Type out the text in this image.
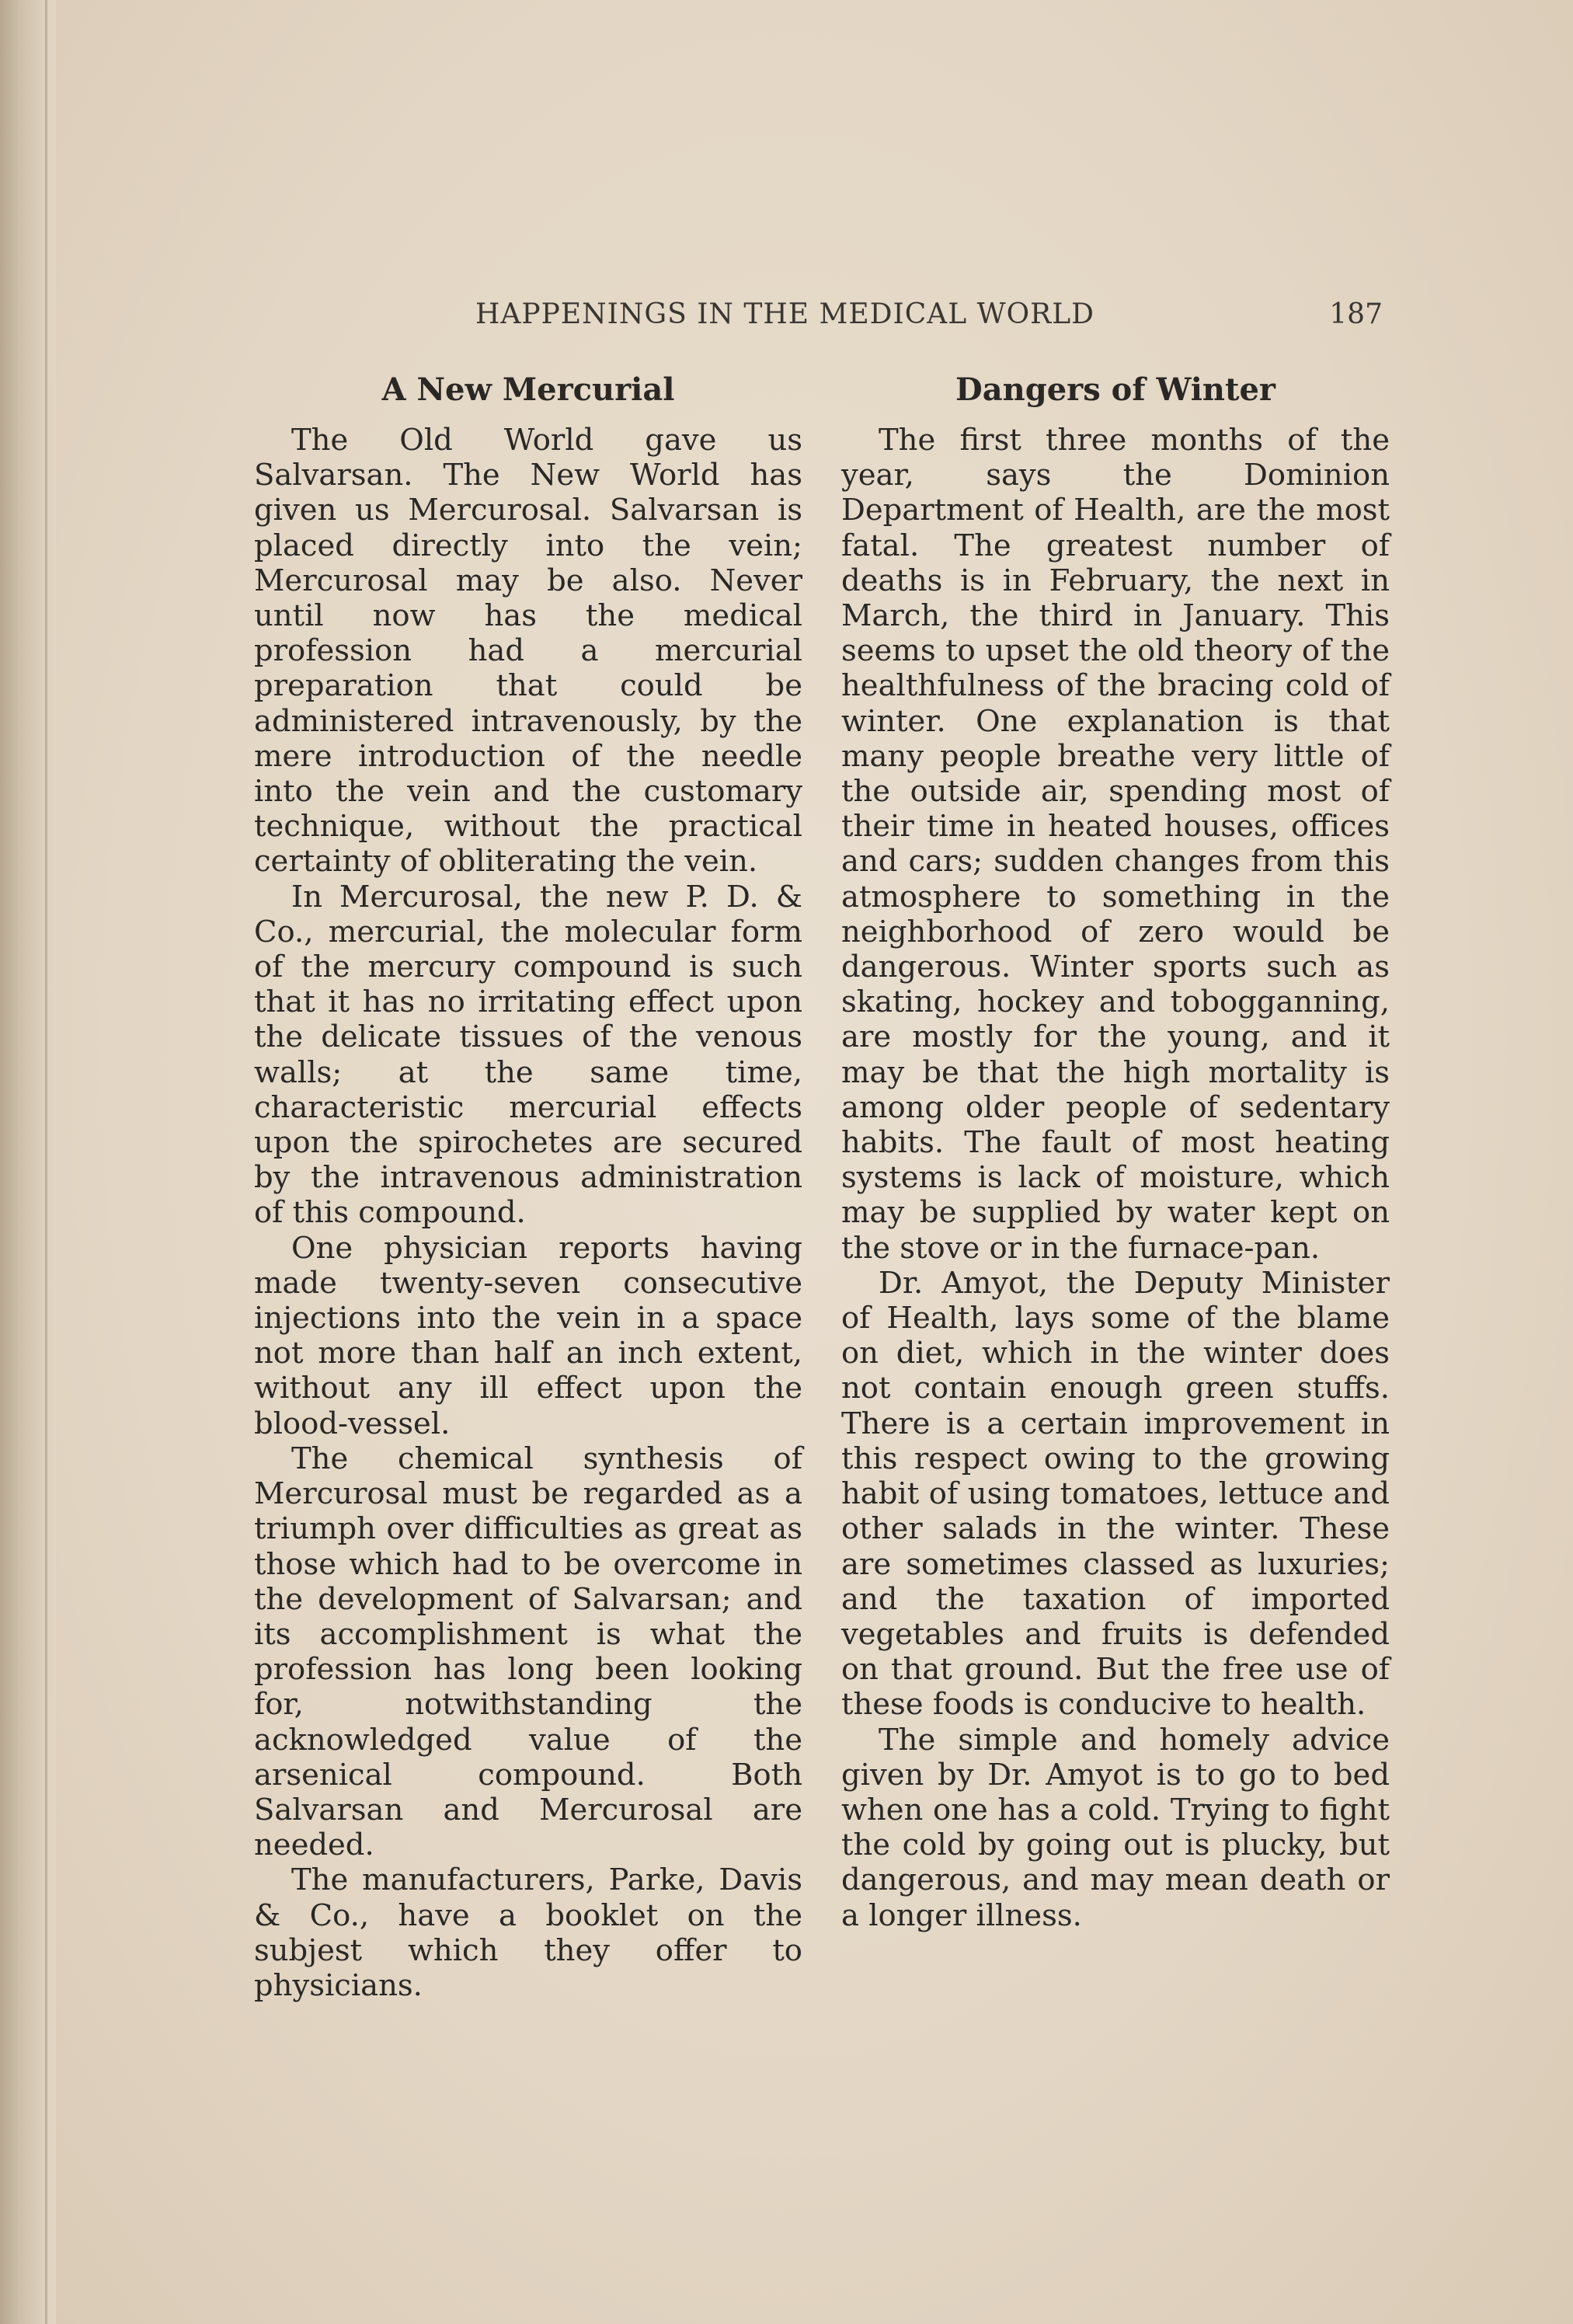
HAPPENINGS IN THE MEDICAL WORLD	187
A New Mercurial

The Old World gave us Salvarsan. The New World has given us Mercurosal. Salvarsan is placed directly into the vein; Mercurosal may be also. Never until now has the medical profession had a mercurial preparation that could be administered intravenously, by the mere introduction of the needle into the vein and the customary technique, without the practical certainty of obliterating the vein.

In Mercurosal, the new P. D. & Co., mercurial, the molecular form of the mercury compound is such that it has no irritating effect upon the delicate tissues of the venous walls; at the same time, characteristic mercurial effects upon the spirochetes are secured by the intravenous administration of this compound.

One physician reports having made twenty-seven consecutive injections into the vein in a space not more than half an inch extent, without any ill effect upon the blood-vessel.

The chemical synthesis of Mercurosal must be regarded as a triumph over difficulties as great as those which had to be overcome in the development of Salvarsan; and its accomplishment is what the profession has long been looking for, notwithstanding the acknowledged value of the arsenical compound. Both Salvarsan and Mercurosal are needed.

The manufacturers, Parke, Davis & Co., have a booklet on the subjest which they offer to physicians.

Dangers of Winter

The first three months of the year, says the Dominion Department of Health, are the most fatal. The greatest number of deaths is in February, the next in March, the third in January. This seems to upset the old theory of the healthfulness of the bracing cold of winter. One explanation is that many people breathe very little of the outside air, spending most of their time in heated houses, offices and cars; sudden changes from this atmosphere to something in the neighborhood of zero would be dangerous. Winter sports such as skating, hockey and tobogganning, are mostly for the young, and it may be that the high mortality is among older people of sedentary habits. The fault of most heating systems is lack of moisture, which may be supplied by water kept on the stove or in the furnace-pan.

Dr. Amyot, the Deputy Minister of Health, lays some of the blame on diet, which in the winter does not contain enough green stuffs. There is a certain improvement in this respect owing to the growing habit of using tomatoes, lettuce and other salads in the winter. These are sometimes classed as luxuries; and the taxation of imported vegetables and fruits is defended on that ground. But the free use of these foods is conducive to health.

The simple and homely advice given by Dr. Amyot is to go to bed when one has a cold. Trying to fight the cold by going out is plucky, but dangerous, and may mean death or a longer illness.
